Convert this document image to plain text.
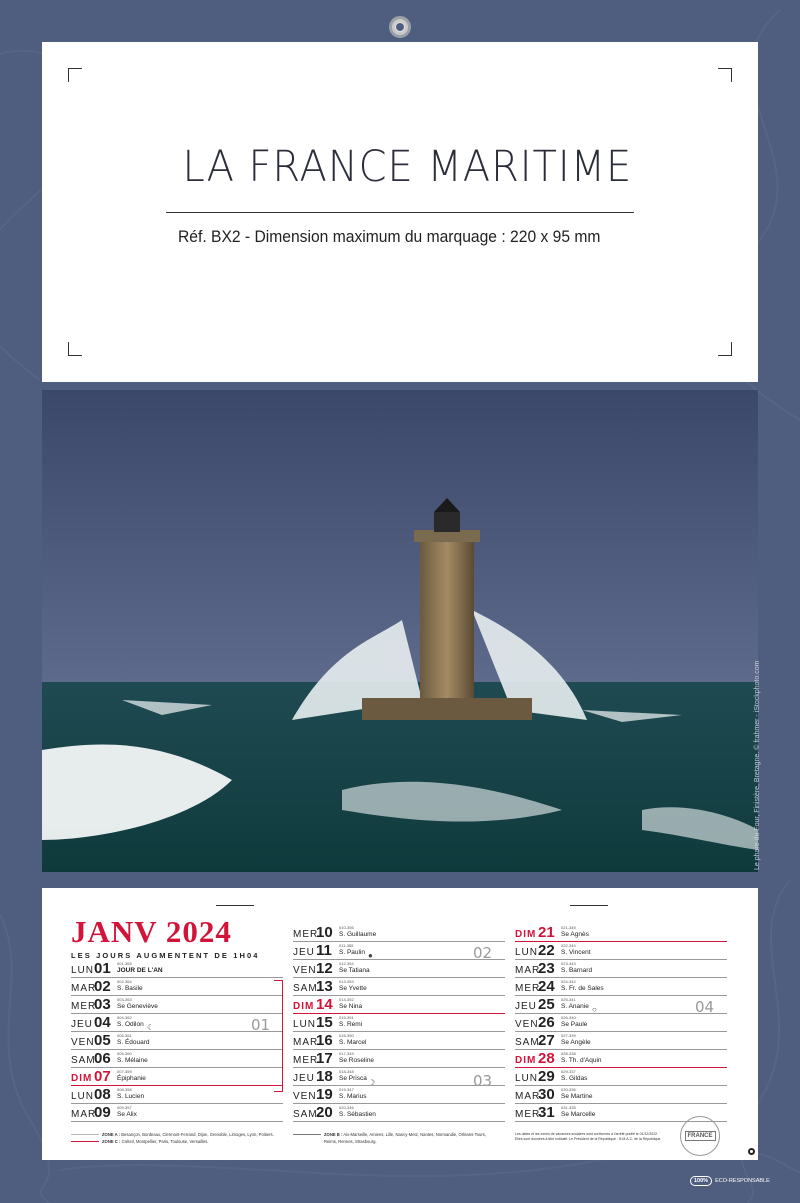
LA FRANCE MARITIME
Réf. BX2 - Dimension maximum du marquage : 220 x 95 mm
Le phare du Four, Finistère, Bretagne. © frahmer - iStockphoto.com
JANV 2024
LES JOURS AUGMENTENT DE 1H04
LUN 01 001-365
JOUR DE L'AN
MAR
02 002-364
S. Basile
MER
03 003-363
Se Geneviève
JEU 04 004-362
S. Odilon
VEN 05 005-361
S. Édouard
SAM
06 006-360
S. Mélaine
DIM 07 007-359
Épiphanie
LUN 08 008-358
S. Lucien
MAR
09 009-357
Se Alix
MER
10 010-356
S. Guillaume
JEU 11 011-355
S. Paulin
VEN 12 012-354
Se Tatiana
SAM
13 013-353
Se Yvette
DIM 14 014-352
Se Nina
LUN 15 015-351
S. Remi
MAR
16 016-350
S. Marcel
MER
17 017-349
Se Roseline
JEU 18 018-348
Se Prisca
VEN 19 019-347
S. Marius
SAM
20 020-346
S. Sébastien
DIM 21 021-345
Se Agnès
LUN 22 022-344
S. Vincent
MAR
23 023-343
S. Barnard
MER
24 024-342
S. Fr. de Sales
JEU 25 025-341
S. Ananie
VEN 26 026-340
Se Paule
SAM
27 027-339
Se Angèle
DIM 28 028-338
S. Th. d'Aquin
LUN 29 029-337
S. Gildas
MAR
30 030-336
Se Martine
MER
31 031-335
Se Marcelle
01
02
03
04
☾
●
☽
○
ZONE A : Besançon, Bordeaux, Clermont-Ferrand, Dijon, Grenoble, Limoges, Lyon, Poitiers.
ZONE C : Créteil, Montpellier, Paris, Toulouse, Versailles.
ZONE B : Aix-Marseille, Amiens, Lille, Nancy-Metz, Nantes, Normandie, Orléans-Tours,
Reims, Rennes, Strasbourg.
Les dates et les zones de vacances scolaires sont conformes à l'arrêté publié le 01/12/2022.
Elles sont données à titre indicatif. Le Président de la République : N.M.A.C. de la République.	FRANCE
100%	ECO-RESPONSABLE
